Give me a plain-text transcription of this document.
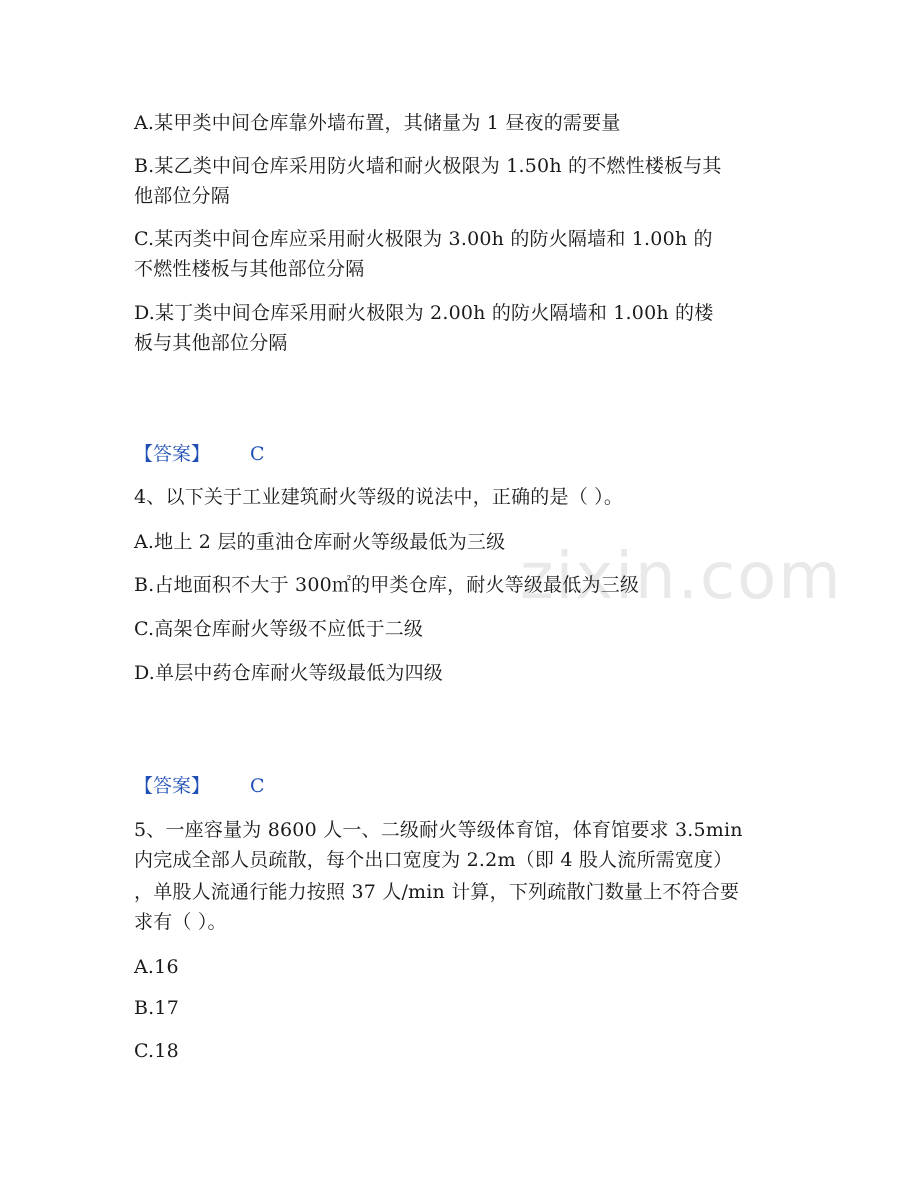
zixin.com
A.某甲类中间仓库靠外墙布置，其储量为 1 昼夜的需要量
B.某乙类中间仓库采用防火墙和耐火极限为 1.50h 的不燃性楼板与其
他部位分隔
C.某丙类中间仓库应采用耐火极限为 3.00h 的防火隔墙和 1.00h 的
不燃性楼板与其他部位分隔
D.某丁类中间仓库采用耐火极限为 2.00h 的防火隔墙和 1.00h 的楼
板与其他部位分隔
【答案】 C
4、以下关于工业建筑耐火等级的说法中，正确的是（ ）。
A.地上 2 层的重油仓库耐火等级最低为三级
B.占地面积不大于 300㎡的甲类仓库，耐火等级最低为三级
C.高架仓库耐火等级不应低于二级
D.单层中药仓库耐火等级最低为四级
【答案】 C
5、一座容量为 8600 人一、二级耐火等级体育馆，体育馆要求 3.5min
内完成全部人员疏散，每个出口宽度为 2.2m（即 4 股人流所需宽度）
，单股人流通行能力按照 37 人/min 计算，下列疏散门数量上不符合要
求有（ ）。
A.16
B.17
C.18
